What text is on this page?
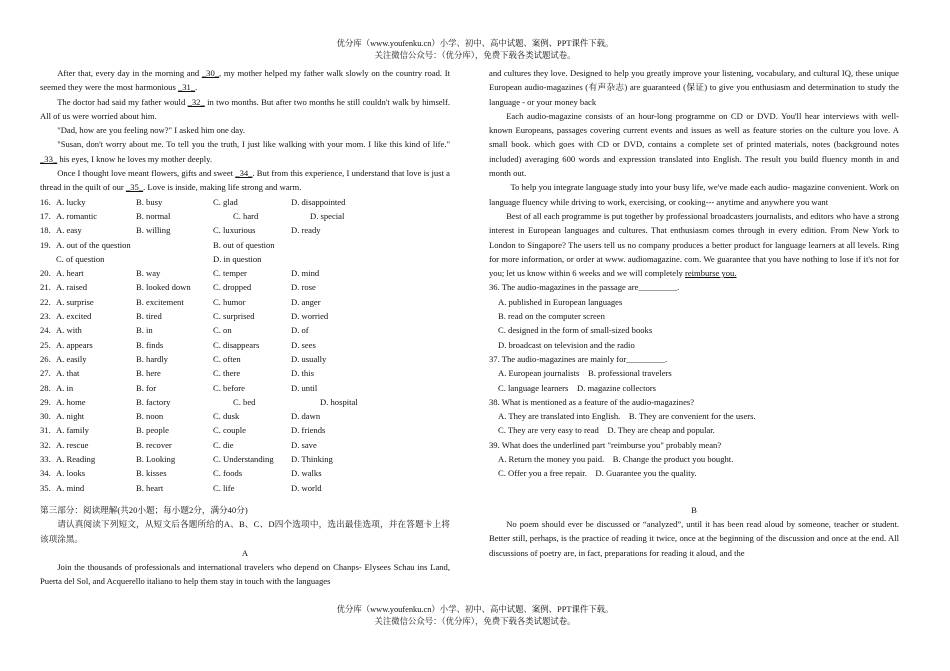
优分库（www.youfenku.cn）小学、初中、高中试题、案例、PPT课件下载。
关注微信公众号：（优分库），免费下载各类试题试卷。

After that, every day in the morning and _30_, my mother helped my father walk slowly on the country road. It seemed they were the most harmonious _31_.

The doctor had said my father would _32_ in two months. But after two months he still couldn't walk by himself. All of us were worried about him.

"Dad, how are you feeling now?" I asked him one day.

"Susan, don't worry about me. To tell you the truth, I just like walking with your mom. I like this kind of life." _33_ his eyes, I know he loves my mother deeply.

Once I thought love meant flowers, gifts and sweet _34_. But from this experience, I understand that love is just a thread in the quilt of our _35_. Love is inside, making life strong and warm.

16. A. lucky	B. busy	C. glad	D. disappointed
17. A. romantic	B. normal	C. hard	D. special
18. A. easy	B. willing	C. luxurious	D. ready
19. A. out of the question	B. out of question
C. of question	D. in question
20. A. heart	B. way	C. temper	D. mind
21. A. raised	B. looked down	C. dropped	D. rose
22. A. surprise	B. excitement	C. humor	D. anger
23. A. excited	B. tired	C. surprised	D. worried
24. A. with	B. in	C. on	D. of
25. A. appears	B. finds	C. disappears	D. sees
26. A. easily	B. hardly	C. often	D. usually
27. A. that	B. here	C. there	D. this
28. A. in	B. for	C. before	D. until
29. A. home	B. factory	C. bed	D. hospital
30. A. night	B. noon	C. dusk	D. dawn
31. A. family	B. people	C. couple	D. friends
32. A. rescue	B. recover	C. die	D. save
33. A. Reading	B. Looking	C. Understanding	D. Thinking
34. A. looks	B. kisses	C. foods	D. walks
35. A. mind	B. heart	C. life	D. world

第三部分：阅读理解(共20小题；每小题2分，满分40分)

请认真阅读下列短文，从短文后各题所给的A、B、C、D四个选项中，选出最佳选项，并在答题卡上将该项涂黑。

A

Join the thousands of professionals and international travelers who depend on Chanps- Elysees Schau ins Land, Puerta del Sol, and Acquerello italiano to help them stay in touch with the languages

and cultures they love. Designed to help you greatly improve your listening, vocabulary, and cultural IQ, these unique European audio-magazines (有声杂志) are guaranteed (保证) to give you enthusiasm and determination to study the language - or your money back

Each audio-magazine consists of an hour-long programme on CD or DVD. You'll hear interviews with well-known Europeans, passages covering current events and issues as well as feature stories on the culture you love. A small book. which goes with CD or DVD, contains a complete set of printed materials, notes (background notes included) averaging 600 words and expression translated into English. The result you build fluency month in and month out.

To help you integrate language study into your busy life, we've made each audio- magazine convenient. Work on language fluency while driving to work, exercising, or cooking--- anytime and anywhere you want

Best of all each programme is put together by professional broadcasters journalists, and editors who have a strong interest in European languages and cultures. That enthusiasm comes through in every edition. From New York to London to Singapore? The users tell us no company produces a better product for language learners at all levels. Ring for more information, or order at www. audiomagazine. com. We guarantee that you have nothing to lose if it's not for you; let us know within 6 weeks and we will completely reimburse you.

36. The audio-magazines in the passage are_________.

A. published in European languages

B. read on the computer screen

C. designed in the form of small-sized books

D. broadcast on television and the radio

37. The audio-magazines are mainly for_________.

A. European journalists    B. professional travelers

C. language learners    D. magazine collectors

38. What is mentioned as a feature of the audio-magazines?

A. They are translated into English.    B. They are convenient for the users.

C. They are very easy to read    D. They are cheap and popular.

39. What does the underlined part "reimburse you" probably mean?

A. Return the money you paid.    B. Change the product you bought.

C. Offer you a free repair.    D. Guarantee you the quality.

B

No poem should ever be discussed or “analyzed”, until it has been read aloud by someone, teacher or student. Better still, perhaps, is the practice of reading it twice, once at the beginning of the discussion and once at the end. All discussions of poetry are, in fact, preparations for reading it aloud, and the

优分库（www.youfenku.cn）小学、初中、高中试题、案例、PPT课件下载。
关注微信公众号：（优分库），免费下载各类试题试卷。
